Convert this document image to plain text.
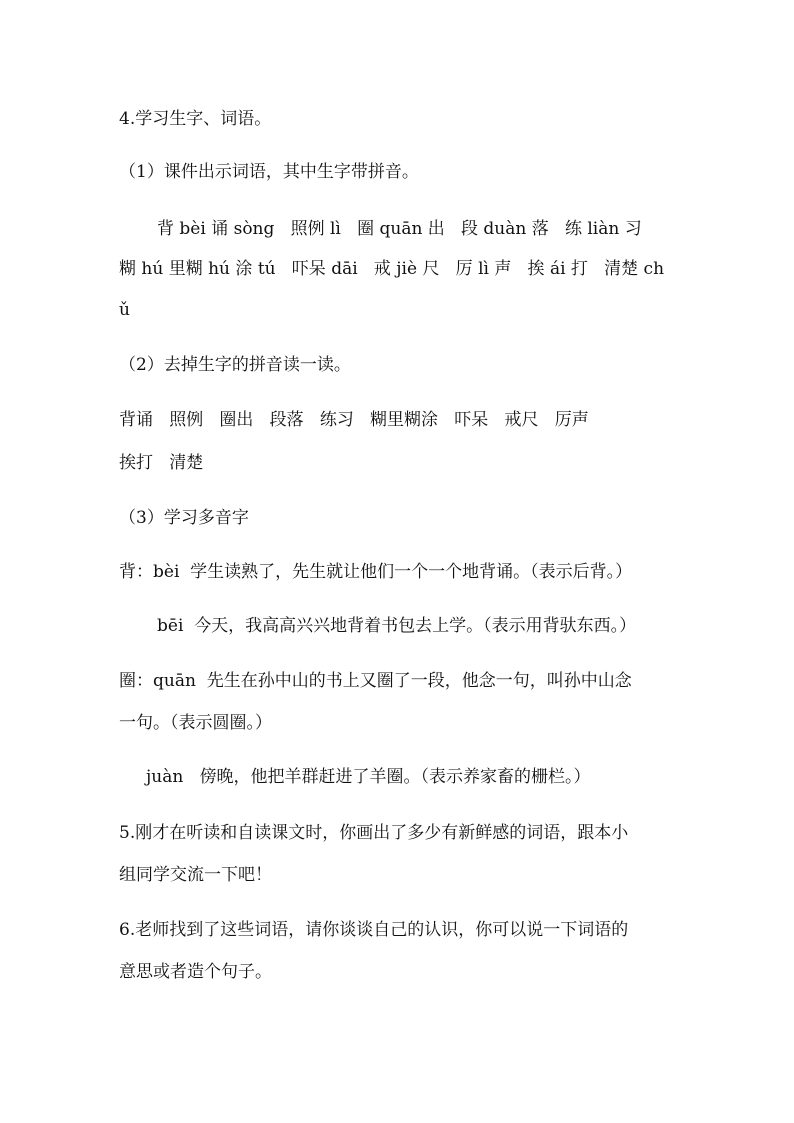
4.学习生字、词语。

（1）课件出示词语，其中生字带拼音。

背 bèi 诵 sòng   照例 lì   圈 quān 出   段 duàn 落   练 liàn 习

糊 hú 里糊 hú 涂 tú   吓呆 dāi   戒 jiè 尺   厉 lì 声   挨 ái 打   清楚 ch

ǔ

（2）去掉生字的拼音读一读。

背诵   照例   圈出   段落   练习   糊里糊涂   吓呆   戒尺   厉声

挨打   清楚

（3）学习多音字

背：bèi  学生读熟了，先生就让他们一个一个地背诵。（表示后背。）

bēi  今天，我高高兴兴地背着书包去上学。（表示用背驮东西。）

圈：quān  先生在孙中山的书上又圈了一段，他念一句，叫孙中山念

一句。（表示圆圈。）

juàn   傍晚，他把羊群赶进了羊圈。（表示养家畜的栅栏。）

5.刚才在听读和自读课文时，你画出了多少有新鲜感的词语，跟本小

组同学交流一下吧！

6.老师找到了这些词语，请你谈谈自己的认识，你可以说一下词语的

意思或者造个句子。
